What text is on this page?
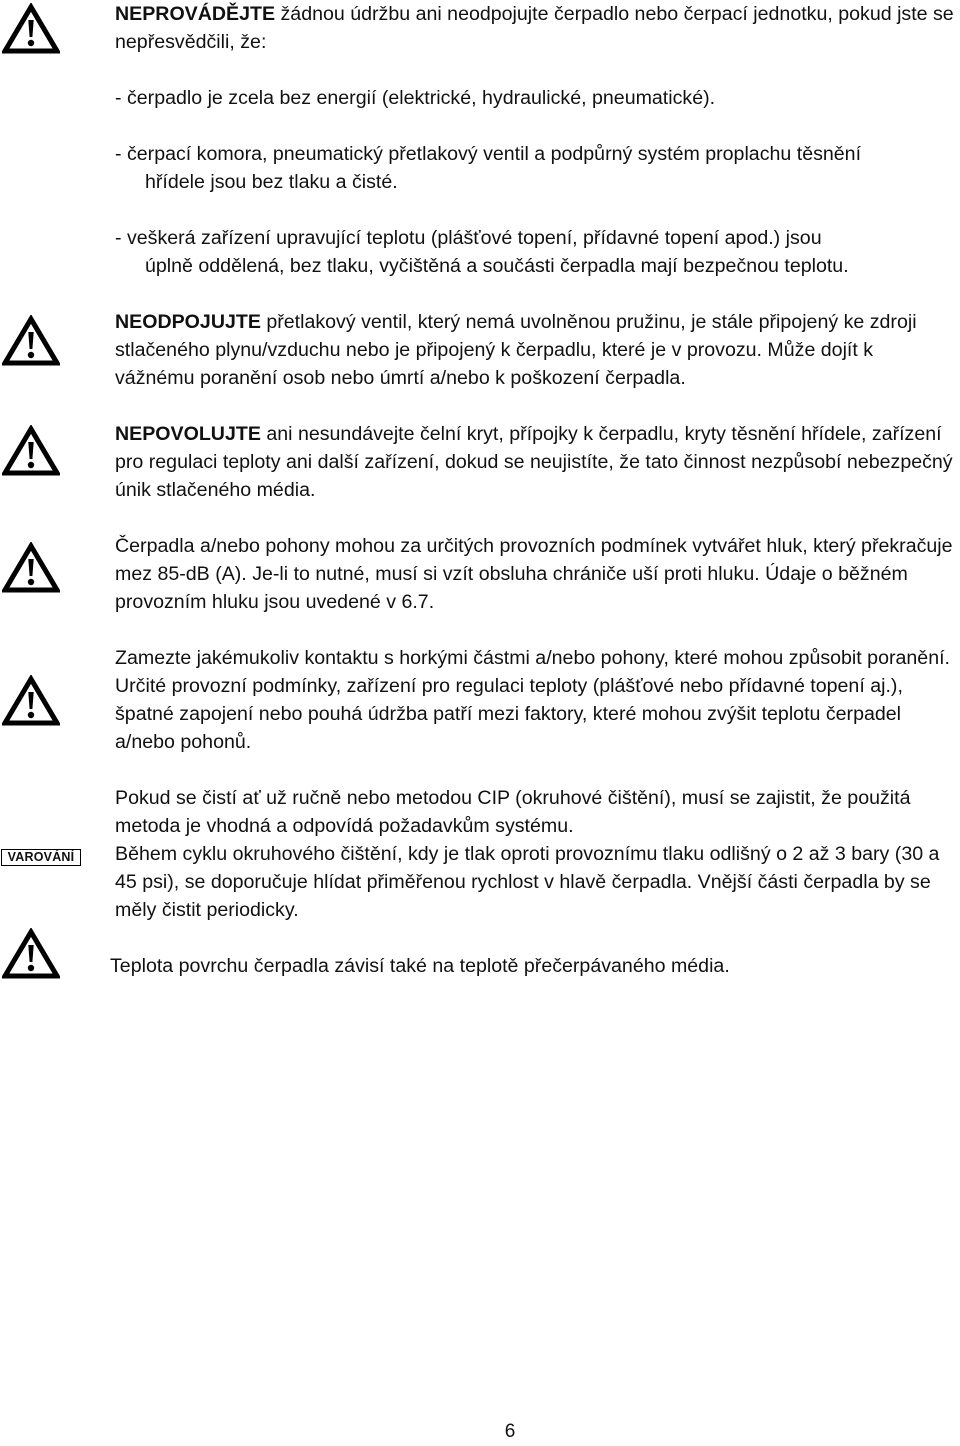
VAROVÁNÍ

NEPROVÁDĚJTE žádnou údržbu ani neodpojujte čerpadlo nebo čerpací jednotku, pokud jste se nepřesvědčili, že:

- čerpadlo je zcela bez energií (elektrické, hydraulické, pneumatické).

- čerpací komora, pneumatický přetlakový ventil a podpůrný systém proplachu těsnění

hřídele jsou bez tlaku a čisté.

- veškerá zařízení upravující teplotu (plášťové topení, přídavné topení apod.) jsou

úplně oddělená, bez tlaku, vyčištěná a součásti čerpadla mají bezpečnou teplotu.

NEODPOJUJTE přetlakový ventil, který nemá uvolněnou pružinu, je stále připojený ke zdroji stlačeného plynu/vzduchu nebo je připojený k čerpadlu, které je v provozu. Může dojít k vážnému poranění osob nebo úmrtí a/nebo k poškození čerpadla.

NEPOVOLUJTE ani nesundávejte čelní kryt, přípojky k čerpadlu, kryty těsnění hřídele, zařízení pro regulaci teploty ani další zařízení, dokud se neujistíte, že tato činnost nezpůsobí nebezpečný únik stlačeného média.

Čerpadla a/nebo pohony mohou za určitých provozních podmínek vytvářet hluk, který překračuje mez 85-dB (A). Je-li to nutné, musí si vzít obsluha chrániče uší proti hluku. Údaje o běžném provozním hluku jsou uvedené v 6.7.

Zamezte jakémukoliv kontaktu s horkými částmi a/nebo pohony, které mohou způsobit poranění. Určité provozní podmínky, zařízení pro regulaci teploty (plášťové nebo přídavné topení aj.), špatné zapojení nebo pouhá údržba patří mezi faktory, které mohou zvýšit teplotu čerpadel a/nebo pohonů.

Pokud se čistí ať už ručně nebo metodou CIP (okruhové čištění), musí se zajistit, že použitá metoda je vhodná a odpovídá požadavkům systému.

Během cyklu okruhového čištění, kdy je tlak oproti provoznímu tlaku odlišný o 2 až 3 bary (30 a 45 psi), se doporučuje hlídat přiměřenou rychlost v hlavě čerpadla. Vnější části čerpadla by se měly čistit periodicky.

Teplota povrchu čerpadla závisí také na teplotě přečerpávaného média.

6
